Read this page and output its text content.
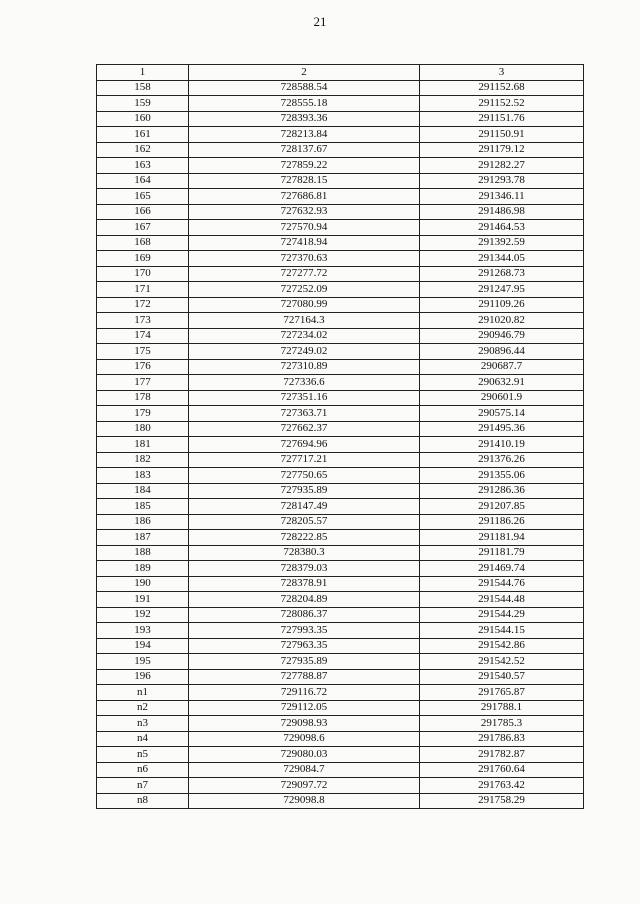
21
1	2	3
158	728588.54	291152.68
159	728555.18	291152.52
160	728393.36	291151.76
161	728213.84	291150.91
162	728137.67	291179.12
163	727859.22	291282.27
164	727828.15	291293.78
165	727686.81	291346.11
166	727632.93	291486.98
167	727570.94	291464.53
168	727418.94	291392.59
169	727370.63	291344.05
170	727277.72	291268.73
171	727252.09	291247.95
172	727080.99	291109.26
173	727164.3	291020.82
174	727234.02	290946.79
175	727249.02	290896.44
176	727310.89	290687.7
177	727336.6	290632.91
178	727351.16	290601.9
179	727363.71	290575.14
180	727662.37	291495.36
181	727694.96	291410.19
182	727717.21	291376.26
183	727750.65	291355.06
184	727935.89	291286.36
185	728147.49	291207.85
186	728205.57	291186.26
187	728222.85	291181.94
188	728380.3	291181.79
189	728379.03	291469.74
190	728378.91	291544.76
191	728204.89	291544.48
192	728086.37	291544.29
193	727993.35	291544.15
194	727963.35	291542.86
195	727935.89	291542.52
196	727788.87	291540.57
n1	729116.72	291765.87
n2	729112.05	291788.1
n3	729098.93	291785.3
n4	729098.6	291786.83
n5	729080.03	291782.87
n6	729084.7	291760.64
n7	729097.72	291763.42
n8	729098.8	291758.29
